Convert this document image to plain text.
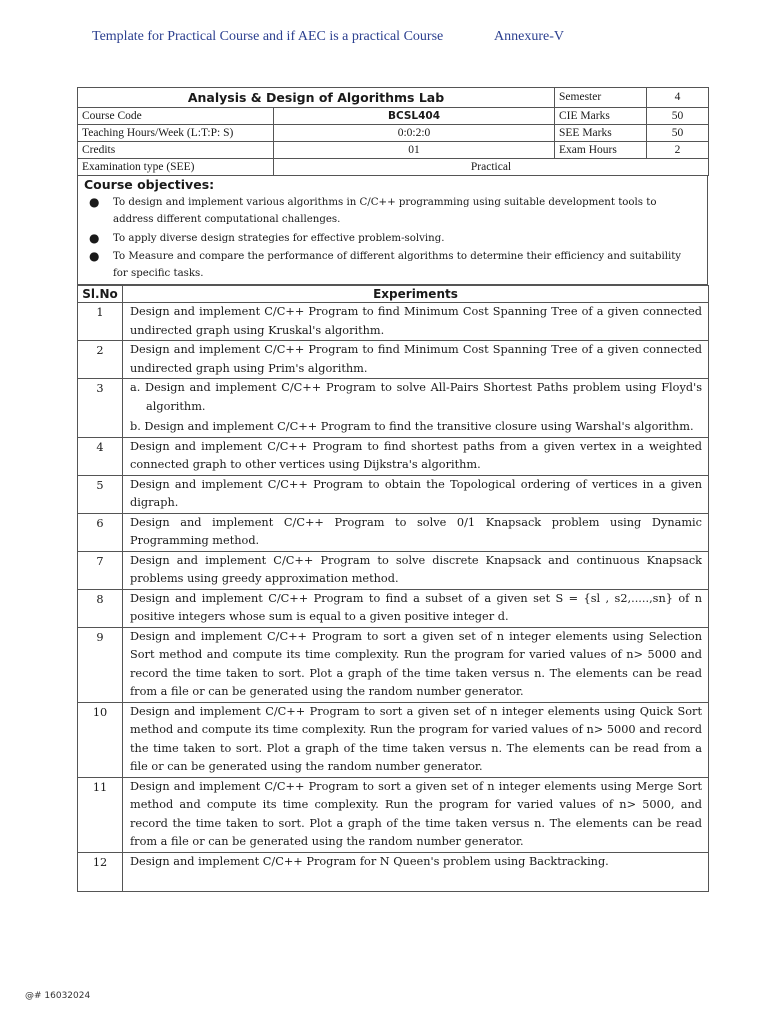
Template for Practical Course and if AEC is a practical Course	Annexure-V
Analysis & Design of Algorithms Lab		Semester	4
Course Code	BCSL404	CIE Marks	50
Teaching Hours/Week (L:T:P: S)	0:0:2:0	SEE Marks	50
Credits	01	Exam Hours	2
Examination type (SEE)	Practical		
Course objectives:
●	To design and implement various algorithms in C/C++ programming using suitable development tools to address different computational challenges.
●	To apply diverse design strategies for effective problem-solving.
●	To Measure and compare the performance of different algorithms to determine their efficiency and suitability for specific tasks.
Sl.No	Experiments
1	Design and implement C/C++ Program to find Minimum Cost Spanning Tree of a given connected undirected graph using Kruskal's algorithm.
2	Design and implement C/C++ Program to find Minimum Cost Spanning Tree of a given connected undirected graph using Prim's algorithm.
3	a. Design and implement C/C++ Program to solve All-Pairs Shortest Paths problem using Floyd's algorithm.
b. Design and implement C/C++ Program to find the transitive closure using Warshal's algorithm.

4	Design and implement C/C++ Program to find shortest paths from a given vertex in a weighted connected graph to other vertices using Dijkstra's algorithm.
5	Design and implement C/C++ Program to obtain the Topological ordering of vertices in a given digraph.
6	Design and implement C/C++ Program to solve 0/1 Knapsack problem using Dynamic Programming method.
7	Design and implement C/C++ Program to solve discrete Knapsack and continuous Knapsack problems using greedy approximation method.
8	Design and implement C/C++ Program to find a subset of a given set S = {sl , s2,.....,sn} of n positive integers whose sum is equal to a given positive integer d.
9	Design and implement C/C++ Program to sort a given set of n integer elements using Selection Sort method and compute its time complexity. Run the program for varied values of n> 5000 and record the time taken to sort. Plot a graph of the time taken versus n. The elements can be read from a file or can be generated using the random number generator.
10	Design and implement C/C++ Program to sort a given set of n integer elements using Quick Sort method and compute its time complexity. Run the program for varied values of n> 5000 and record the time taken to sort. Plot a graph of the time taken versus n. The elements can be read from a file or can be generated using the random number generator.
11	Design and implement C/C++ Program to sort a given set of n integer elements using Merge Sort method and compute its time complexity. Run the program for varied values of n> 5000, and record the time taken to sort. Plot a graph of the time taken versus n. The elements can be read from a file or can be generated using the random number generator.
12	Design and implement C/C++ Program for N Queen's problem using Backtracking.
@# 16032024
